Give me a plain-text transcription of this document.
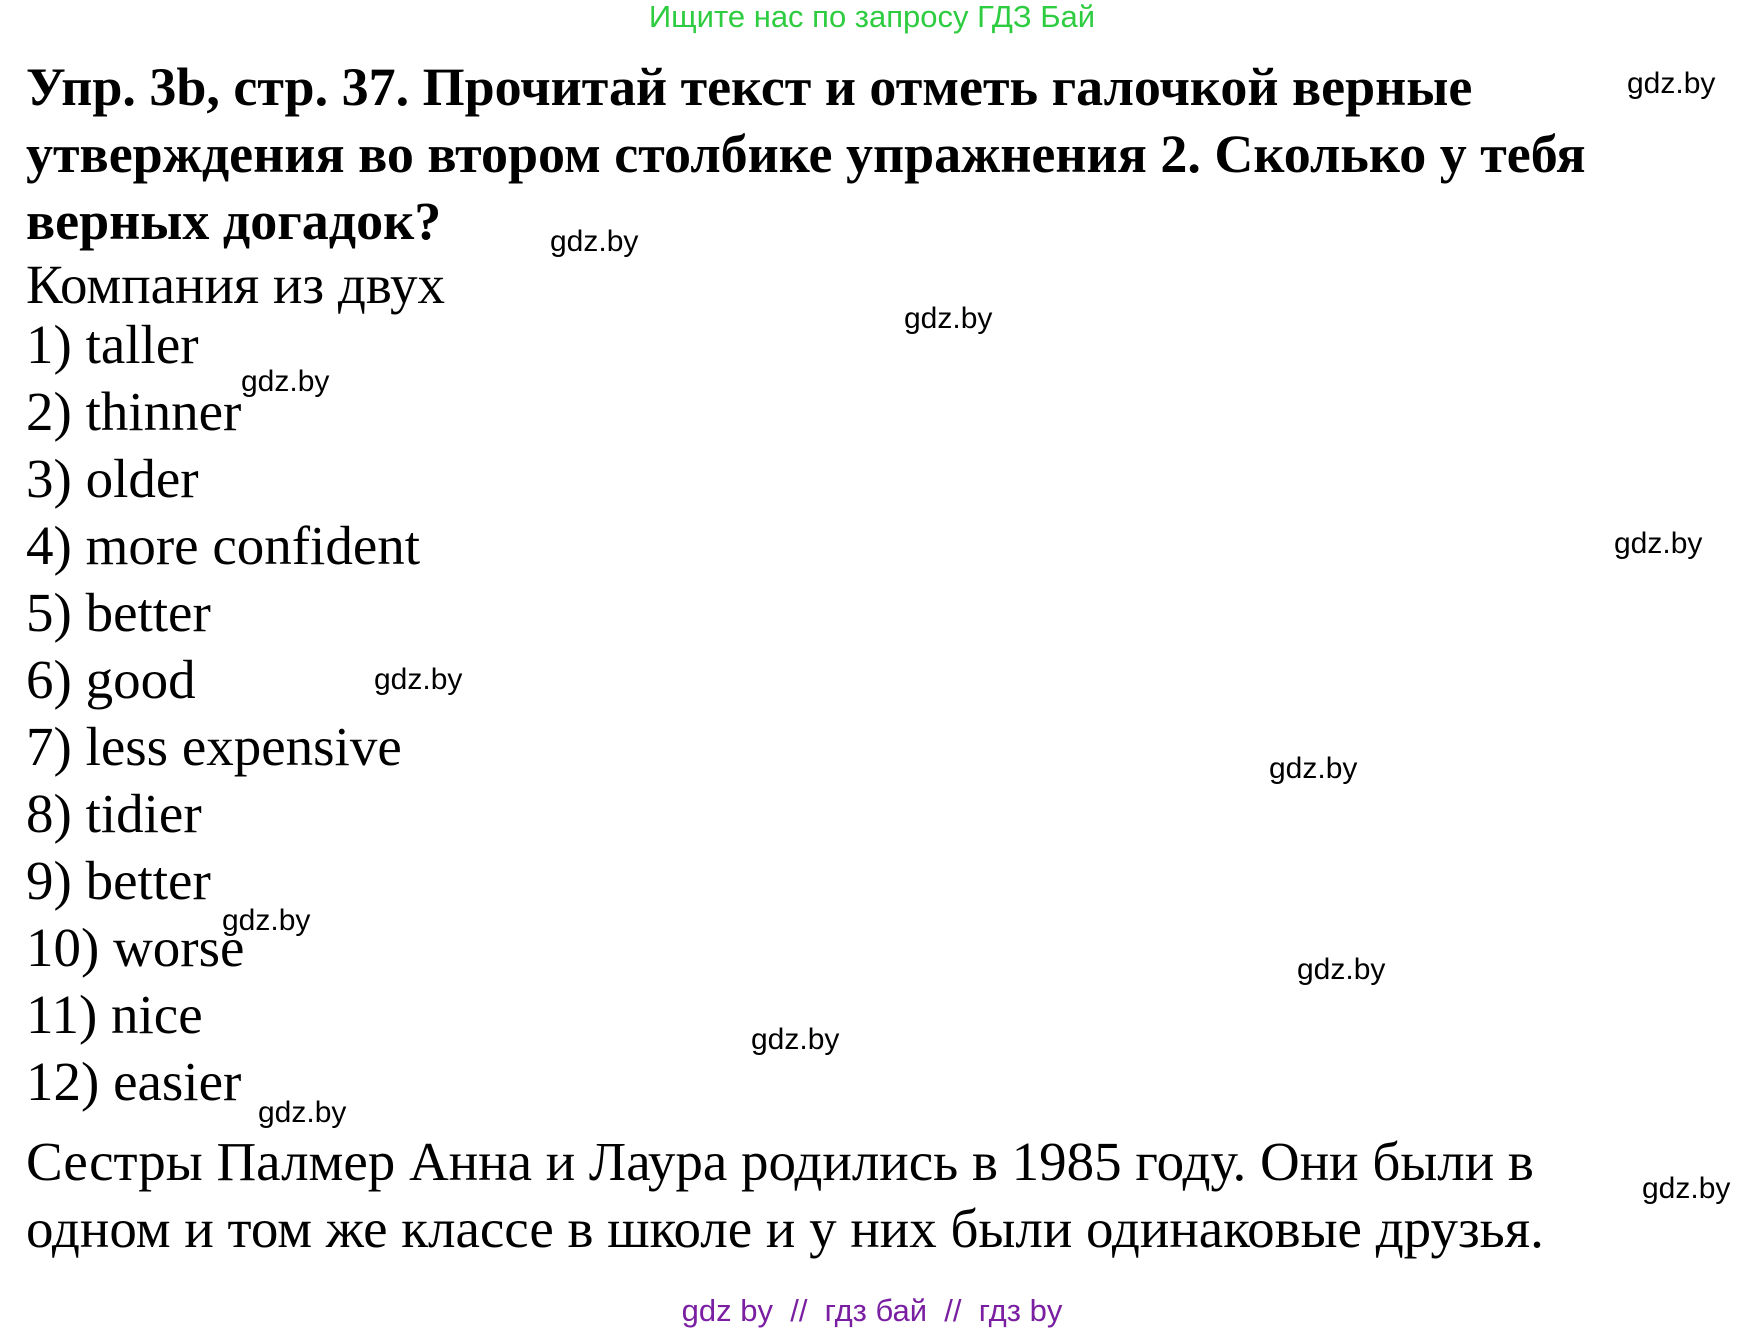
Ищите нас по запросу ГДЗ Бай
Упр. 3b, стр. 37. Прочитай текст и отметь галочкой верные
утверждения во втором столбике упражнения 2. Сколько у тебя
верных догадок?
Компания из двух
1) taller
2) thinner
3) older
4) more confident
5) better
6) good
7) less expensive
8) tidier
9) better
10) worse
11) nice
12) easier
Сестры Палмер Анна и Лаура родились в 1985 году. Они были в
одном и том же классе в школе и у них были одинаковые друзья.
gdz.by
gdz.by
gdz.by
gdz.by
gdz.by
gdz.by
gdz.by
gdz.by
gdz.by
gdz.by
gdz.by
gdz.by
gdz by  //  гдз бай  //  гдз by
